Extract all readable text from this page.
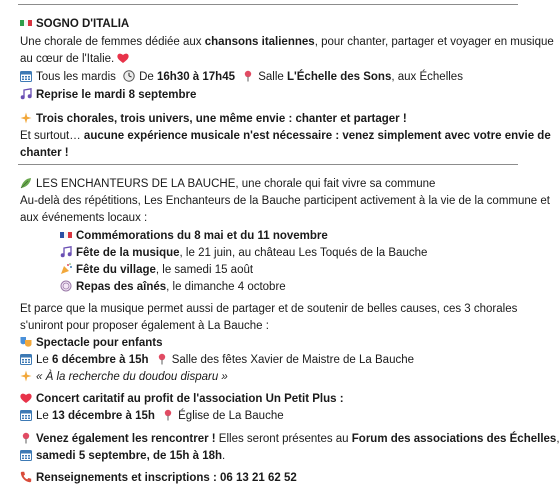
SOGNO D'ITALIA
Une chorale de femmes dédiée aux chansons italiennes, pour chanter, partager et voyager en musique
au cœur de l'Italie.
Tous les mardis De 16h30 à 17h45 Salle L'Échelle des Sons, aux Échelles
Reprise le mardi 8 septembre
Trois chorales, trois univers, une même envie : chanter et partager !
Et surtout… aucune expérience musicale n'est nécessaire : venez simplement avec votre envie de
chanter !
LES ENCHANTEURS DE LA BAUCHE, une chorale qui fait vivre sa commune
Au-delà des répétitions, Les Enchanteurs de la Bauche participent activement à la vie de la commune et
aux événements locaux :
Commémorations du 8 mai et du 11 novembre
Fête de la musique, le 21 juin, au château Les Toqués de la Bauche
Fête du village, le samedi 15 août
Repas des aînés, le dimanche 4 octobre
Et parce que la musique permet aussi de partager et de soutenir de belles causes, ces 3 chorales
s'uniront pour proposer également à La Bauche :
Spectacle pour enfants
Le 6 décembre à 15h Salle des fêtes Xavier de Maistre de La Bauche
« À la recherche du doudou disparu »
Concert caritatif au profit de l'association Un Petit Plus :
Le 13 décembre à 15h Église de La Bauche
Venez également les rencontrer ! Elles seront présentes au Forum des associations des Échelles,
samedi 5 septembre, de 15h à 18h.
Renseignements et inscriptions : 06 13 21 62 52
